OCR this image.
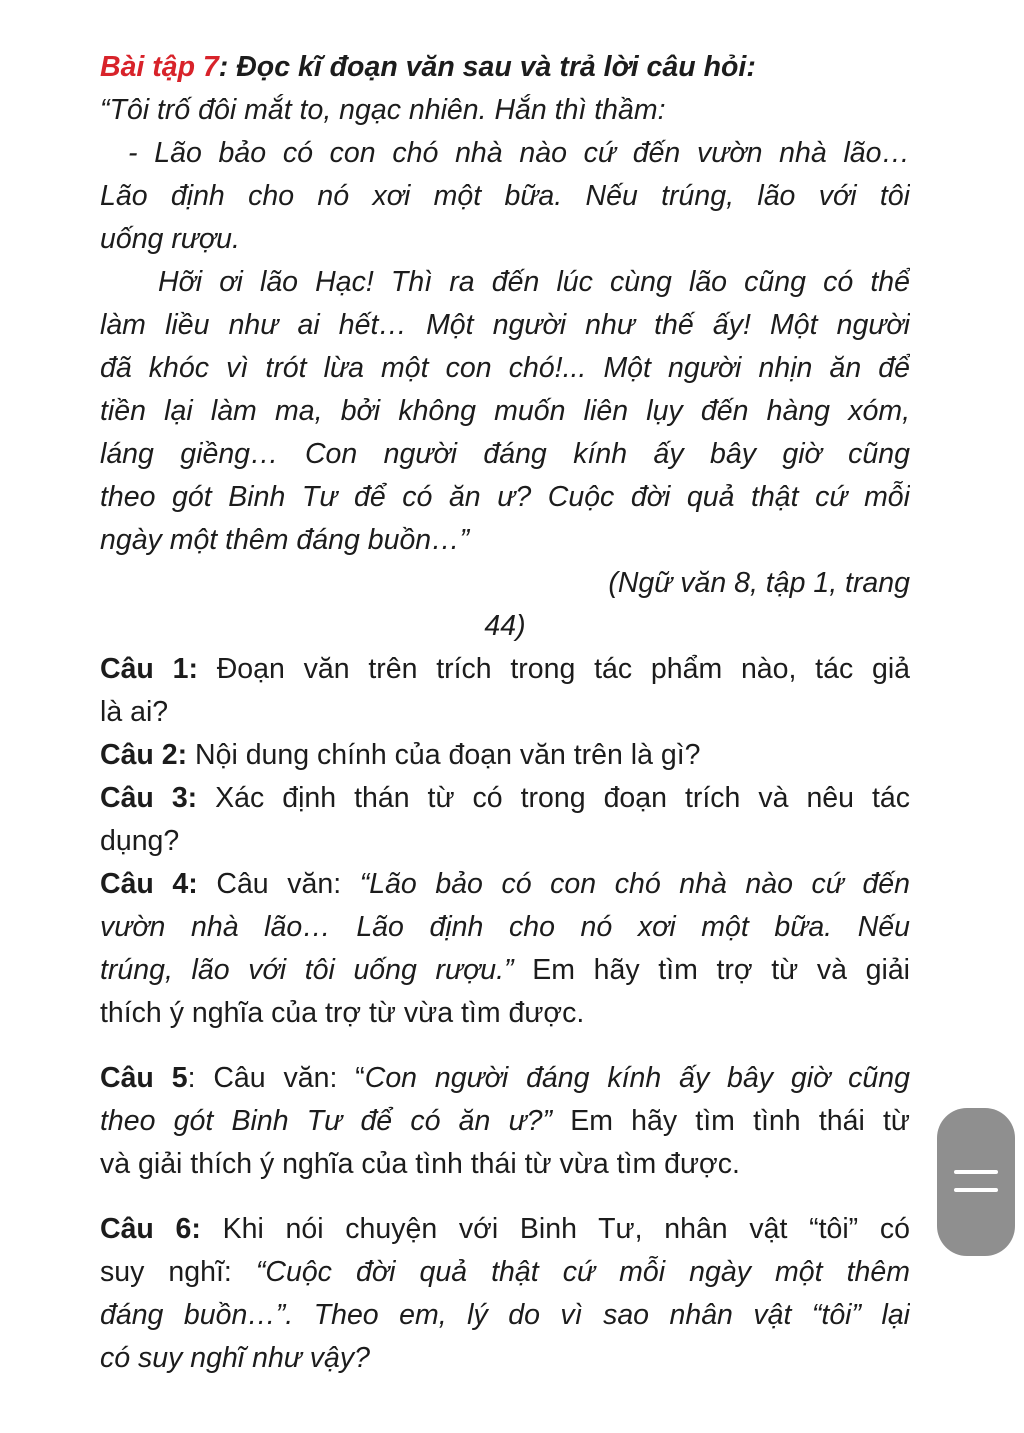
Bài tập 7: Đọc kĩ đoạn văn sau và trả lời câu hỏi:
“Tôi trố đôi mắt to, ngạc nhiên. Hắn thì thầm:
- Lão bảo có con chó nhà nào cứ đến vườn nhà lão…
Lão định cho nó xơi một bữa. Nếu trúng, lão với tôi
uống rượu.
Hỡi ơi lão Hạc! Thì ra đến lúc cùng lão cũng có thể
làm liều như ai hết… Một người như thế ấy! Một người
đã khóc vì trót lừa một con chó!... Một người nhịn ăn để
tiền lại làm ma, bởi không muốn liên lụy đến hàng xóm,
láng giềng… Con người đáng kính ấy bây giờ cũng
theo gót Binh Tư để có ăn ư? Cuộc đời quả thật cứ mỗi
ngày một thêm đáng buồn…”
(Ngữ văn 8, tập 1, trang
44)
Câu 1: Đoạn văn trên trích trong tác phẩm nào, tác giả
là ai?
Câu 2: Nội dung chính của đoạn văn trên là gì?
Câu 3: Xác định thán từ có trong đoạn trích và nêu tác
dụng?
Câu 4: Câu văn: “Lão bảo có con chó nhà nào cứ đến
vườn nhà lão… Lão định cho nó xơi một bữa. Nếu
trúng, lão với tôi uống rượu.” Em hãy tìm trợ từ và giải
thích ý nghĩa của trợ từ vừa tìm được.
Câu 5: Câu văn: “Con người đáng kính ấy bây giờ cũng
theo gót Binh Tư để có ăn ư?” Em hãy tìm tình thái từ
và giải thích ý nghĩa của tình thái từ vừa tìm được.
Câu 6: Khi nói chuyện với Binh Tư, nhân vật “tôi” có
suy nghĩ: “Cuộc đời quả thật cứ mỗi ngày một thêm
đáng buồn…”. Theo em, lý do vì sao nhân vật “tôi” lại
có suy nghĩ như vậy?
